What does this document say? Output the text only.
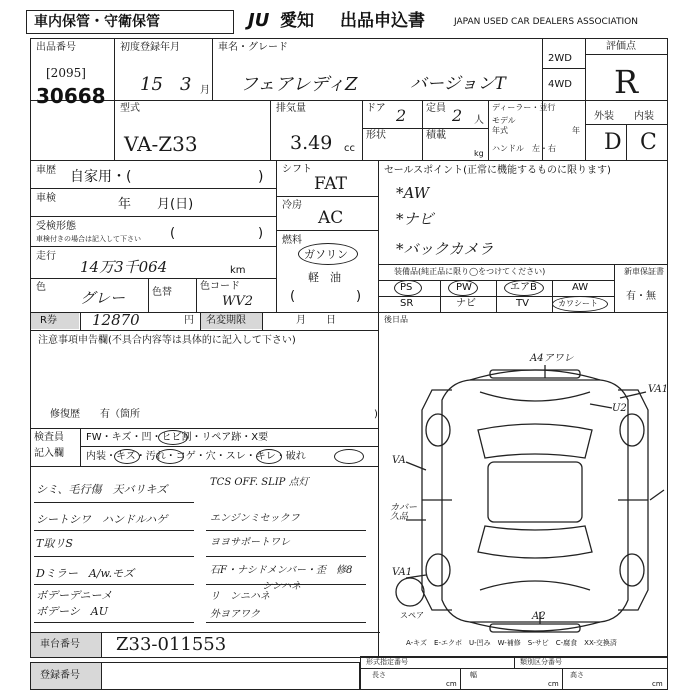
車内保管・守衛保管	JU 愛知 出品申込書	JAPAN USED CAR DEALERS ASSOCIATION
出品番号
[2095]
30668
初度登録年月
15 3 月
車名・グレード
フェアレディZ	バージョンT
2WD
4WD
評価点
R
型式
VA-Z33
排気量
3.49 cc
ドア 2 定員 2 人
形状	積載
kg
ディーラー・並行
モデル
年式	年
ハンドル　左・右
外装 内装
D C
車歴 自家用・(	)
車検	年　　月(日)
受検形態
車検付きの場合は記入して下さい (	)
走行
14万3千064	km
色
グレー	色替
色コード
WV2
シフト
FAT
冷房
AC
燃料
ガソリン
軽　油
(	)
セールスポイント(正常に機能するものに限ります)
*AW
*ナビ
*バックカメラ
装備品(純正品に限り◯をつけてください)
PS	PW	エアB	AW
SR	ナビ	TV	カワシート
新車保証書
有・無
R券 12870	円 名変期限	月　　日	後日品
注意事項申告欄(不具合内容等は具体的に記入して下さい)
修復歴　　有（箇所	)
検査員
記入欄
FW・キズ・凹・ヒビ割・リペア跡・X要
内装・キズ・汚れ・コゲ・穴・スレ・キレ・破れ
シミ、毛行傷　天バリキズ
シートシワ　ハンドルハゲ
T取リS
Dミラー　A/w.モズ
ボデーデニーメ
ボデーシ　AU
TCS OFF. SLIP 点灯
エンジンミセックフ
ヨヨサポートワレ
石F・ナシドメンバー・歪　修8
シンハネ
リ　ンニハネ
外ヨアワク
A4アワレ
VA1
U2
VA
カバー　久品
VA1
スペア	A2
A-キズ　E-エクボ　U-凹み　W-補修　S-サビ　C-腐食　XX-交換済
車台番号 Z33-011553
登録番号
形式指定番号	類別区分番号
長さ	幅	高さ
cm	cm	cm
